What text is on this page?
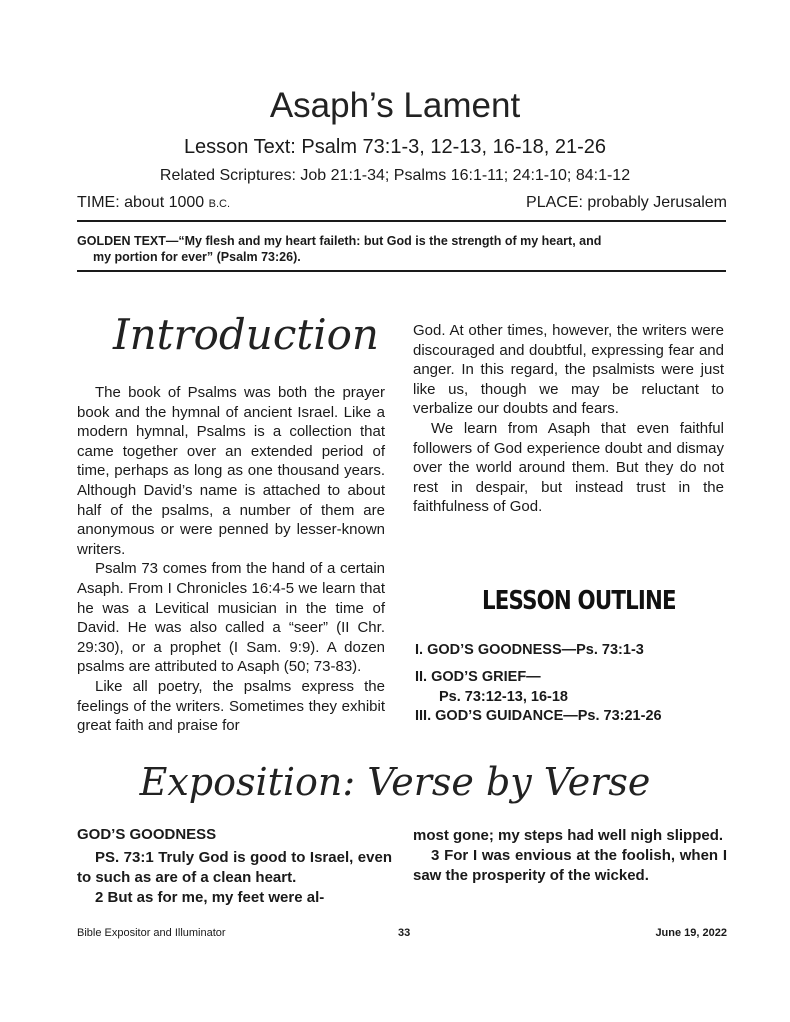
Asaph’s Lament
Lesson Text: Psalm 73:1-3, 12-13, 16-18, 21-26
Related Scriptures: Job 21:1-34; Psalms 16:1-11; 24:1-10; 84:1-12
TIME: about 1000 B.C.	PLACE: probably Jerusalem
GOLDEN TEXT—“My flesh and my heart faileth: but God is the strength of my heart, and
my portion for ever” (Psalm 73:26).
Introduction

The book of Psalms was both the prayer book and the hymnal of ancient Israel. Like a modern hymnal, Psalms is a collection that came together over an extended period of time, perhaps as long as one thousand years. Although David’s name is attached to about half of the psalms, a number of them are anonymous or were penned by lesser-known writers.

Psalm 73 comes from the hand of a certain Asaph. From I Chronicles 16:4-5 we learn that he was a Levitical musician in the time of David. He was also called a “seer” (II Chr. 29:30), or a prophet (I Sam. 9:9). A dozen psalms are attributed to Asaph (50; 73-83).

Like all poetry, the psalms express the feelings of the writers. Sometimes they exhibit great faith and praise for

God. At other times, however, the writers were discouraged and doubtful, expressing fear and anger. In this regard, the psalmists were just like us, though we may be reluctant to verbalize our doubts and fears.

We learn from Asaph that even faithful followers of God experience doubt and dismay over the world around them. But they do not rest in despair, but instead trust in the faithfulness of God.

LESSON OUTLINE
I. GOD’S GOODNESS—Ps. 73:1-3
II. GOD’S GRIEF—
Ps. 73:12-13, 16-18
III. GOD’S GUIDANCE—Ps. 73:21-26
Exposition: Verse by Verse
GOD’S GOODNESS

PS. 73:1 Truly God is good to Israel, even to such as are of a clean heart.

2 But as for me, my feet were al-

most gone; my steps had well nigh slipped.

3 For I was envious at the foolish, when I saw the prosperity of the wicked.

Bible Expositor and Illuminator	33	June 19, 2022
